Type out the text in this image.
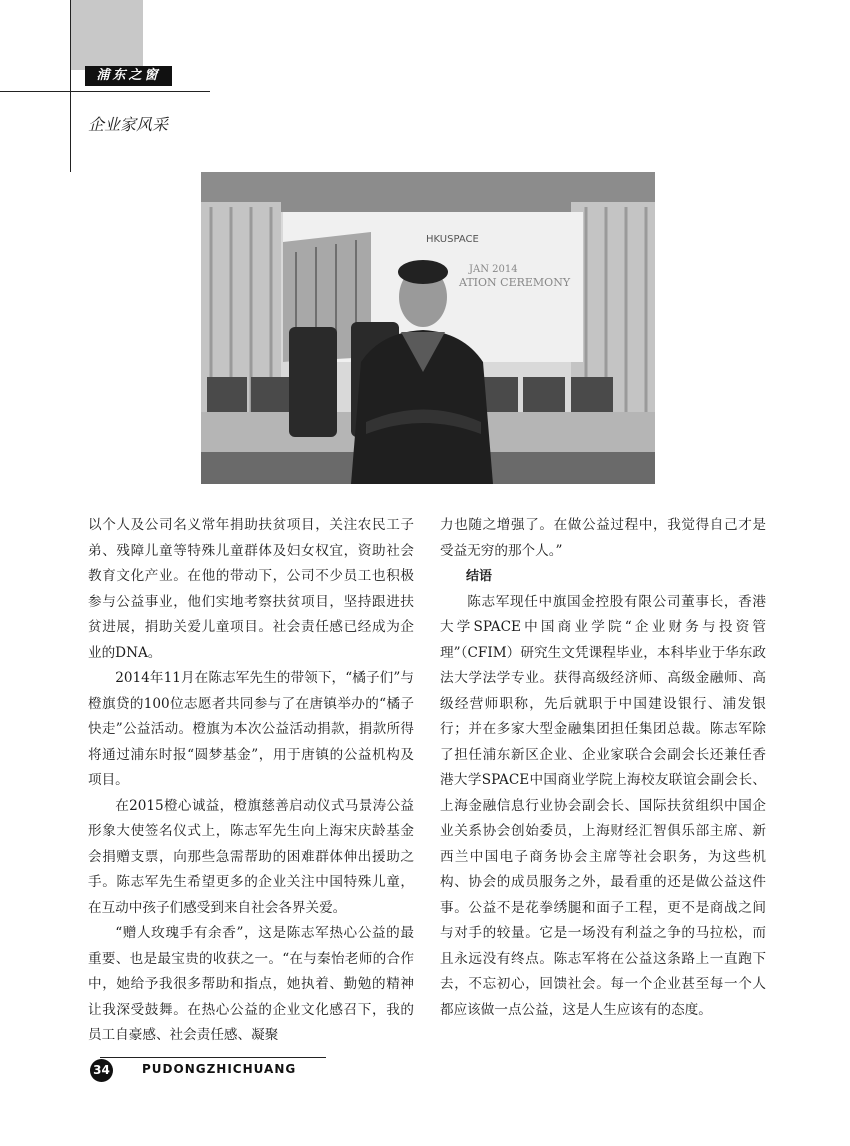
浦东之窗
企业家风采
HKUSPACE
JAN 2014
ATION CEREMONY

以个人及公司名义常年捐助扶贫项目，关注农民工子弟、残障儿童等特殊儿童群体及妇女权宜，资助社会教育文化产业。在他的带动下，公司不少员工也积极参与公益事业，他们实地考察扶贫项目，坚持跟进扶贫进展，捐助关爱儿童项目。社会责任感已经成为企业的DNA。

2014年11月在陈志军先生的带领下，“橘子们”与橙旗贷的100位志愿者共同参与了在唐镇举办的“橘子快走”公益活动。橙旗为本次公益活动捐款，捐款所得将通过浦东时报“圆梦基金”，用于唐镇的公益机构及项目。

在2015橙心诚益，橙旗慈善启动仪式马景涛公益形象大使签名仪式上，陈志军先生向上海宋庆龄基金会捐赠支票，向那些急需帮助的困难群体伸出援助之手。陈志军先生希望更多的企业关注中国特殊儿童，在互动中孩子们感受到来自社会各界关爱。

“赠人玫瑰手有余香”，这是陈志军热心公益的最重要、也是最宝贵的收获之一。“在与秦怡老师的合作中，她给予我很多帮助和指点，她执着、勤勉的精神让我深受鼓舞。在热心公益的企业文化感召下，我的员工自豪感、社会责任感、凝聚

力也随之增强了。在做公益过程中，我觉得自己才是受益无穷的那个人。”

结语

陈志军现任中旗国金控股有限公司董事长，香港大学SPACE中国商业学院“企业财务与投资管理”（CFIM）研究生文凭课程毕业，本科毕业于华东政法大学法学专业。获得高级经济师、高级金融师、高级经营师职称，先后就职于中国建设银行、浦发银行；并在多家大型金融集团担任集团总裁。陈志军除了担任浦东新区企业、企业家联合会副会长还兼任香港大学SPACE中国商业学院上海校友联谊会副会长、上海金融信息行业协会副会长、国际扶贫组织中国企业关系协会创始委员，上海财经汇智俱乐部主席、新西兰中国电子商务协会主席等社会职务，为这些机构、协会的成员服务之外，最看重的还是做公益这件事。公益不是花拳绣腿和面子工程，更不是商战之间与对手的较量。它是一场没有利益之争的马拉松，而且永远没有终点。陈志军将在公益这条路上一直跑下去，不忘初心，回馈社会。每一个企业甚至每一个人都应该做一点公益，这是人生应该有的态度。

34	PUDONGZHICHUANG
